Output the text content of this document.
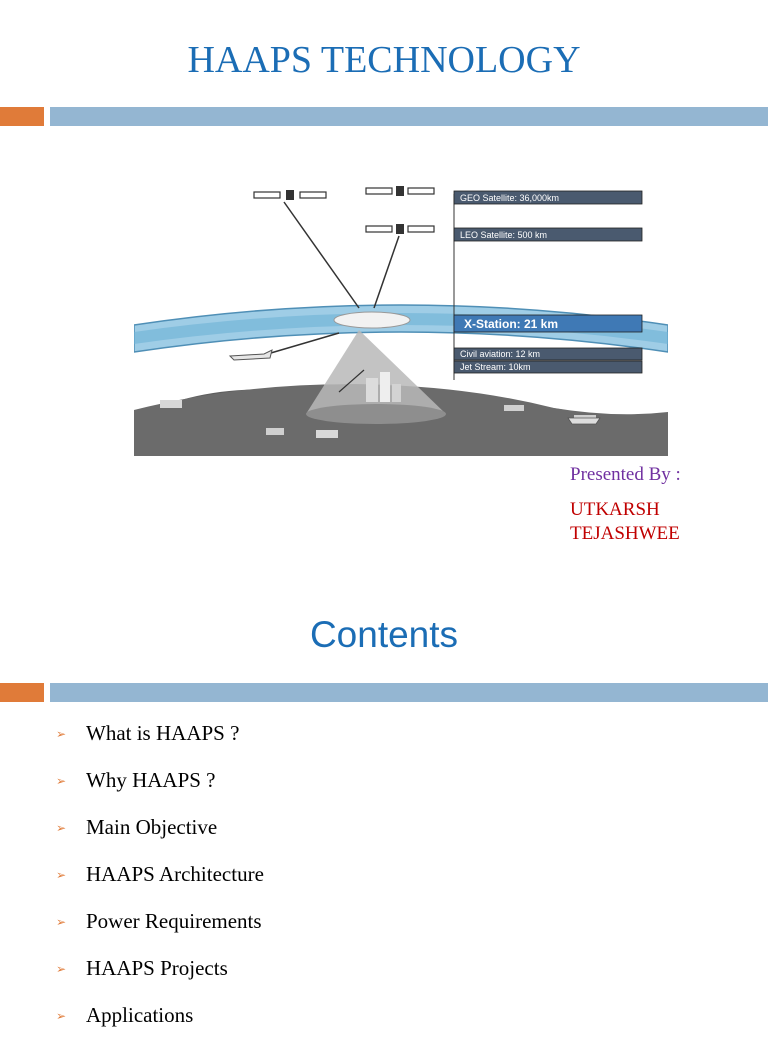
HAAPS TECHNOLOGY
GEO Satellite: 36,000km
LEO Satellite: 500 km
X-Station: 21 km
Civil aviation: 12 km
Jet Stream: 10km
Presented By :
UTKARSH
TEJASHWEE
Contents
➢ What is HAAPS ?
➢ Why HAAPS ?
➢ Main Objective
➢ HAAPS Architecture
➢ Power Requirements
➢ HAAPS Projects
➢ Applications
